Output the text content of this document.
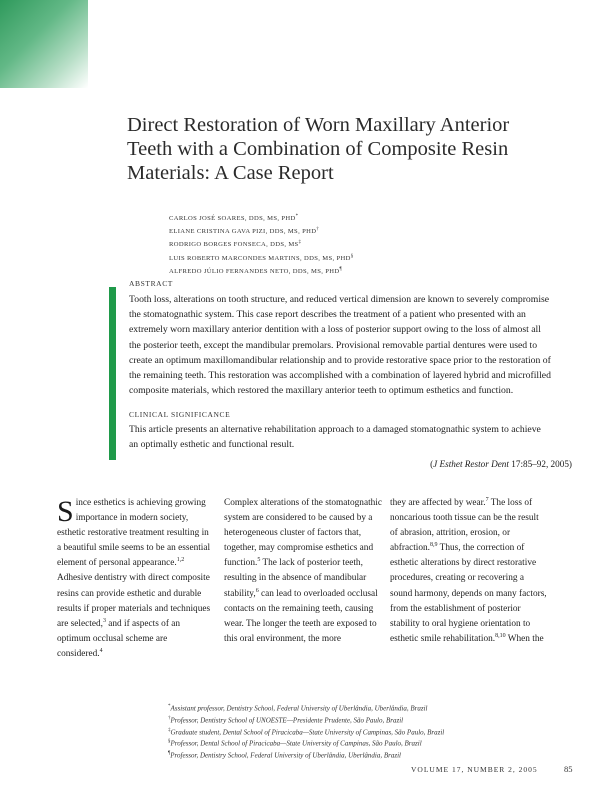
Direct Restoration of Worn Maxillary Anterior Teeth with a Combination of Composite Resin Materials: A Case Report
CARLOS JOSÉ SOARES, DDS, MS, PHD*
ELIANE CRISTINA GAVA PIZI, DDS, MS, PHD†
RODRIGO BORGES FONSECA, DDS, MS‡
LUIS ROBERTO MARCONDES MARTINS, DDS, MS, PHD§
ALFREDO JÚLIO FERNANDES NETO, DDS, MS, PHD¶
ABSTRACT

Tooth loss, alterations on tooth structure, and reduced vertical dimension are known to severely compromise the stomatognathic system. This case report describes the treatment of a patient who presented with an extremely worn maxillary anterior dentition with a loss of posterior support owing to the loss of almost all the posterior teeth, except the mandibular premolars. Provisional removable partial dentures were used to create an optimum maxillomandibular relationship and to provide restorative space prior to the restoration of the remaining teeth. This restoration was accomplished with a combination of layered hybrid and microfilled composite materials, which restored the maxillary anterior teeth to optimum esthetics and function.

CLINICAL SIGNIFICANCE

This article presents an alternative rehabilitation approach to a damaged stomatognathic system to achieve an optimally esthetic and functional result.

(J Esthet Restor Dent 17:85–92, 2005)

Since esthetics is achieving growing importance in modern society, esthetic restorative treatment resulting in a beautiful smile seems to be an essential element of personal appearance.$^{1,2}$ Adhesive dentistry with direct composite resins can provide esthetic and durable results if proper materials and techniques are selected,$^3$ and if aspects of an optimum occlusal scheme are considered.$^4$

Complex alterations of the stomatognathic system are considered to be caused by a heterogeneous cluster of factors that, together, may compromise esthetics and function.$^5$ The lack of posterior teeth, resulting in the absence of mandibular stability,$^6$ can lead to overloaded occlusal contacts on the remaining teeth, causing wear. The longer the teeth are exposed to this oral environment, the more

they are affected by wear.$^7$ The loss of noncarious tooth tissue can be the result of abrasion, attrition, erosion, or abfraction.$^{8,9}$ Thus, the correction of esthetic alterations by direct restorative procedures, creating or recovering a sound harmony, depends on many factors, from the establishment of posterior stability to oral hygiene orientation to esthetic smile rehabilitation.$^{8,10}$ When the

*Assistant professor, Dentistry School, Federal University of Uberlândia, Uberlândia, Brazil
†Professor, Dentistry School of UNOESTE—Presidente Prudente, São Paulo, Brazil
‡Graduate student, Dental School of Piracicaba—State University of Campinas, São Paulo, Brazil
§Professor, Dental School of Piracicaba—State University of Campinas, São Paulo, Brazil
¶Professor, Dentistry School, Federal University of Uberlândia, Uberlândia, Brazil
VOLUME 17, NUMBER 2, 2005	85
